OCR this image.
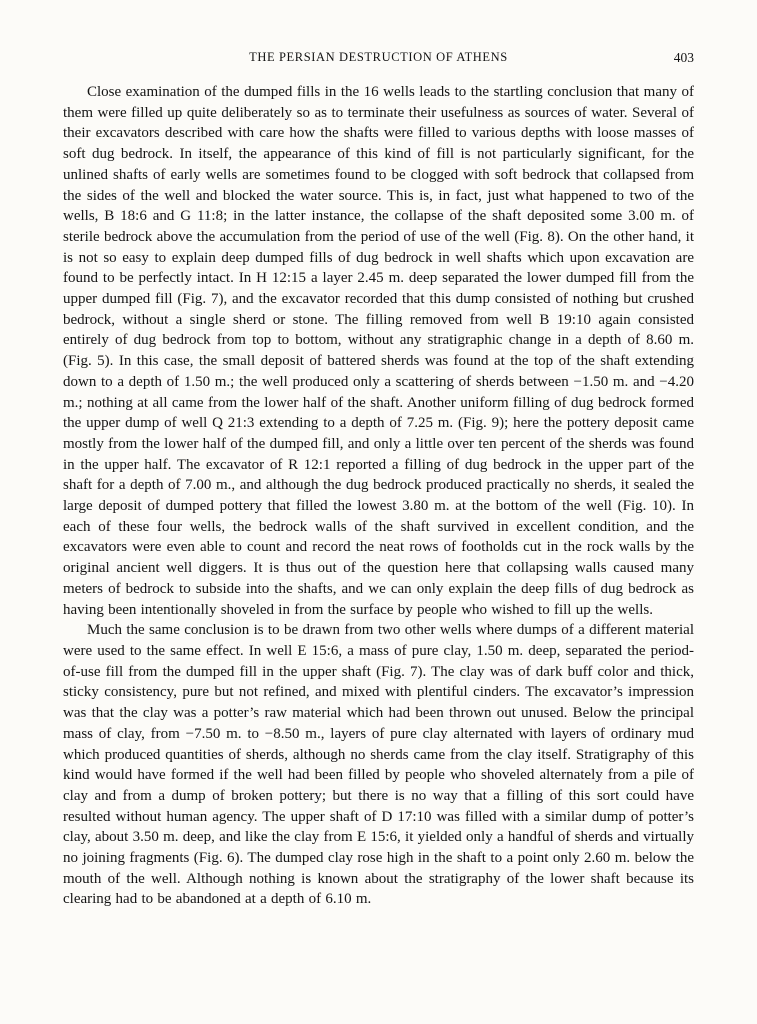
THE PERSIAN DESTRUCTION OF ATHENS	403

Close examination of the dumped fills in the 16 wells leads to the startling conclusion that many of them were filled up quite deliberately so as to terminate their usefulness as sources of water. Several of their excavators described with care how the shafts were filled to various depths with loose masses of soft dug bedrock. In itself, the appearance of this kind of fill is not particularly significant, for the unlined shafts of early wells are sometimes found to be clogged with soft bedrock that collapsed from the sides of the well and blocked the water source. This is, in fact, just what happened to two of the wells, B 18:6 and G 11:8; in the latter instance, the collapse of the shaft deposited some 3.00 m. of sterile bedrock above the accumulation from the period of use of the well (Fig. 8). On the other hand, it is not so easy to explain deep dumped fills of dug bedrock in well shafts which upon excavation are found to be perfectly intact. In H 12:15 a layer 2.45 m. deep separated the lower dumped fill from the upper dumped fill (Fig. 7), and the excavator recorded that this dump consisted of nothing but crushed bedrock, without a single sherd or stone. The filling removed from well B 19:10 again consisted entirely of dug bedrock from top to bottom, without any stratigraphic change in a depth of 8.60 m. (Fig. 5). In this case, the small deposit of battered sherds was found at the top of the shaft extending down to a depth of 1.50 m.; the well produced only a scattering of sherds between −1.50 m. and −4.20 m.; nothing at all came from the lower half of the shaft. Another uniform filling of dug bedrock formed the upper dump of well Q 21:3 extending to a depth of 7.25 m. (Fig. 9); here the pottery deposit came mostly from the lower half of the dumped fill, and only a little over ten percent of the sherds was found in the upper half. The excavator of R 12:1 reported a filling of dug bedrock in the upper part of the shaft for a depth of 7.00 m., and although the dug bedrock produced practically no sherds, it sealed the large deposit of dumped pottery that filled the lowest 3.80 m. at the bottom of the well (Fig. 10). In each of these four wells, the bedrock walls of the shaft survived in excellent condition, and the excavators were even able to count and record the neat rows of footholds cut in the rock walls by the original ancient well diggers. It is thus out of the question here that collapsing walls caused many meters of bedrock to subside into the shafts, and we can only explain the deep fills of dug bedrock as having been intentionally shoveled in from the surface by people who wished to fill up the wells.

Much the same conclusion is to be drawn from two other wells where dumps of a different material were used to the same effect. In well E 15:6, a mass of pure clay, 1.50 m. deep, separated the period-of-use fill from the dumped fill in the upper shaft (Fig. 7). The clay was of dark buff color and thick, sticky consistency, pure but not refined, and mixed with plentiful cinders. The excavator’s impression was that the clay was a potter’s raw material which had been thrown out unused. Below the principal mass of clay, from −7.50 m. to −8.50 m., layers of pure clay alternated with layers of ordinary mud which produced quantities of sherds, although no sherds came from the clay itself. Stratigraphy of this kind would have formed if the well had been filled by people who shoveled alternately from a pile of clay and from a dump of broken pottery; but there is no way that a filling of this sort could have resulted without human agency. The upper shaft of D 17:10 was filled with a similar dump of potter’s clay, about 3.50 m. deep, and like the clay from E 15:6, it yielded only a handful of sherds and virtually no joining fragments (Fig. 6). The dumped clay rose high in the shaft to a point only 2.60 m. below the mouth of the well. Although nothing is known about the stratigraphy of the lower shaft because its clearing had to be abandoned at a depth of 6.10 m.
